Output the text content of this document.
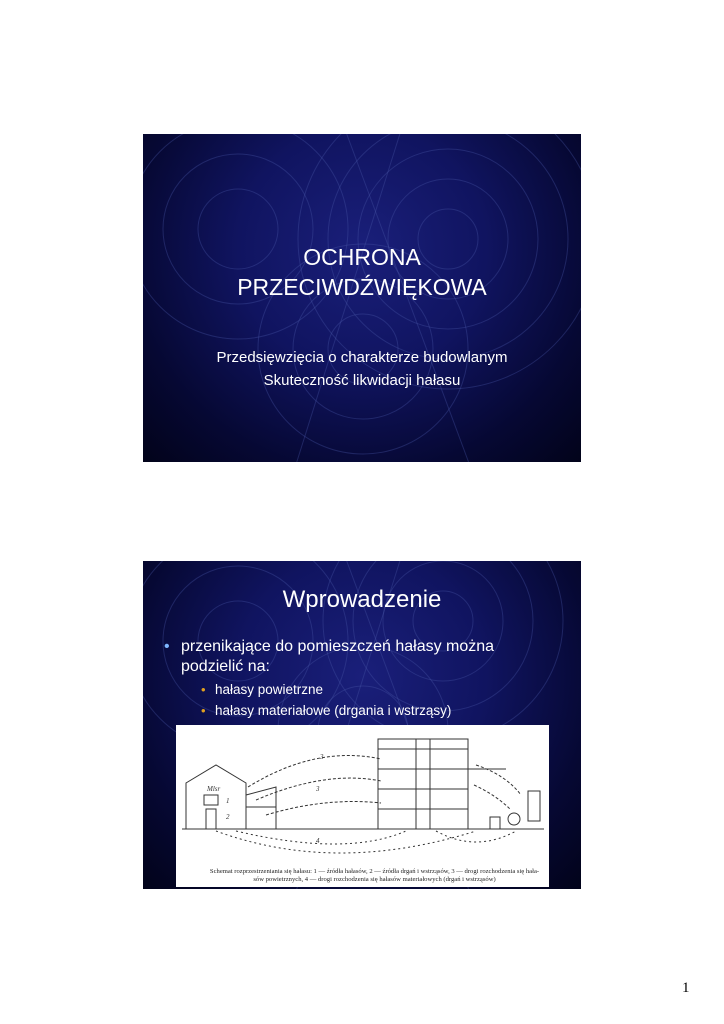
OCHRONA
PRZECIWDŹWIĘKOWA
Przedsięwzięcia o charakterze budowlanym
Skuteczność likwidacji hałasu
Wprowadzenie
• przenikające do pomieszczeń hałasy można
podzielić na:
• hałasy powietrzne
• hałasy materiałowe (drgania i wstrząsy)
Mlsr
3
3
4
1
2
Schemat rozprzestrzeniania się hałasu: 1 — źródła hałasów, 2 — źródła drgań i wstrząsów, 3 — drogi rozchodzenia się hała-
sów powietrznych, 4 — drogi rozchodzenia się hałasów materiałowych (drgań i wstrząsów)
1
